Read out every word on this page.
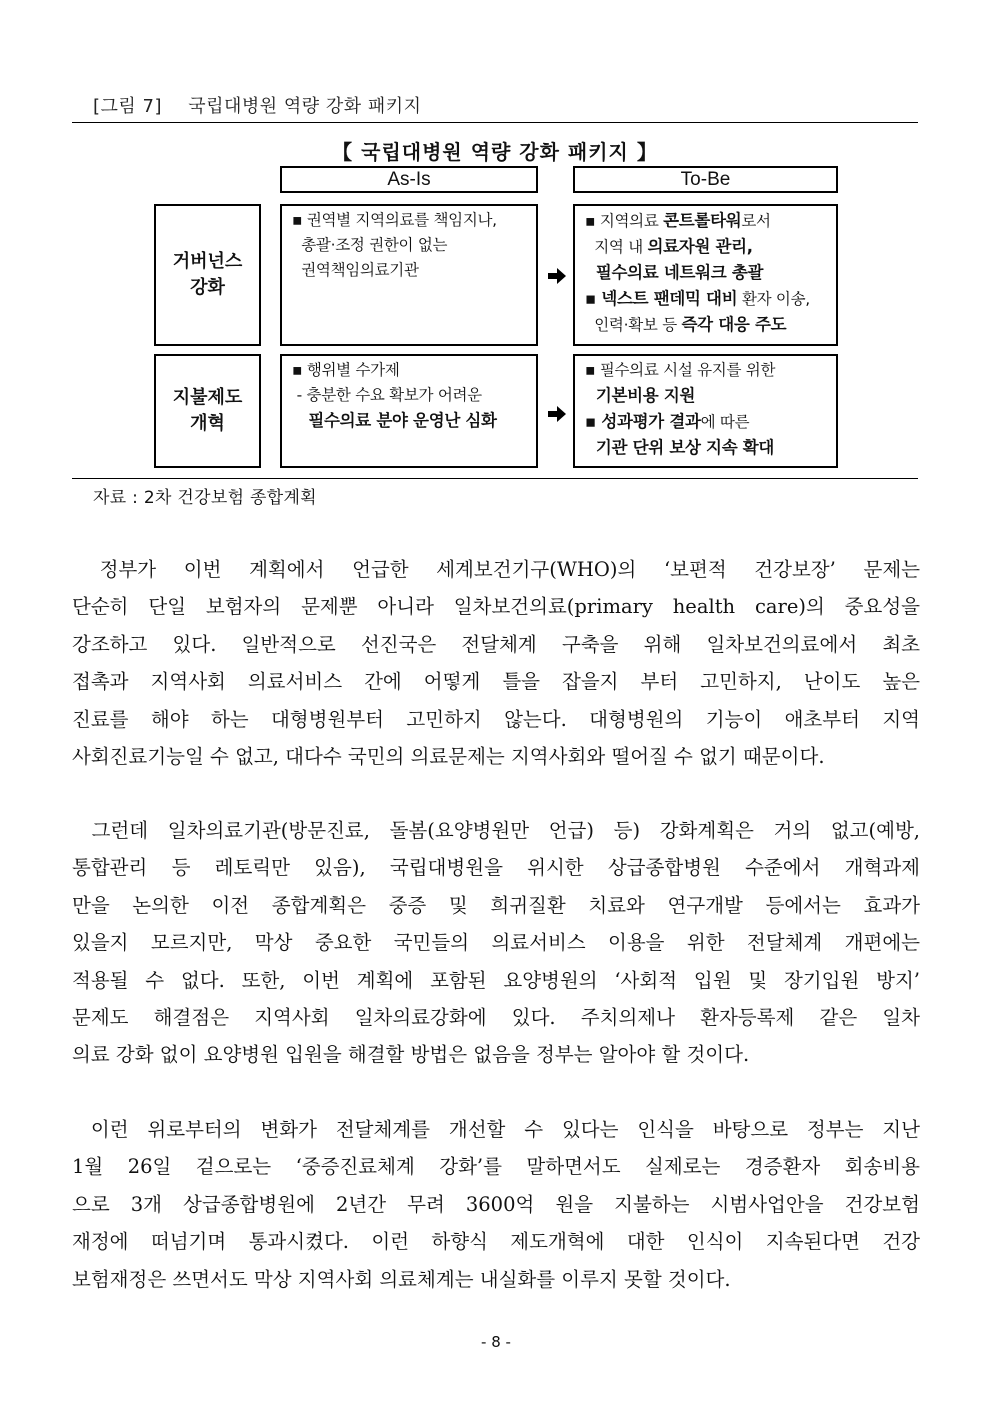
[그림 7] 국립대병원 역량 강화 패키지
【 국립대병원 역량 강화 패키지 】
As-Is	To-Be
거버넌스
강화
▪ 권역별 지역의료를 책임지나,
총괄·조정 권한이 없는
권역책임의료기관
▪ 지역의료 콘트롤타워로서
지역 내 의료자원 관리,
필수의료 네트워크 총괄
▪ 넥스트 팬데믹 대비 환자 이송,
인력·확보 등 즉각 대응 주도
지불제도
개혁
▪ 행위별 수가제
- 충분한 수요 확보가 어려운
필수의료 분야 운영난 심화
▪ 필수의료 시설 유지를 위한
기본비용 지원
▪ 성과평가 결과에 따른
기관 단위 보상 지속 확대
자료 : 2차 건강보험 종합계획
정부가 이번 계획에서 언급한 세계보건기구(WHO)의 ‘보편적 건강보장’ 문제는
단순히 단일 보험자의 문제뿐 아니라 일차보건의료(primary health care)의 중요성을
강조하고 있다. 일반적으로 선진국은 전달체계 구축을 위해 일차보건의료에서 최초
접촉과 지역사회 의료서비스 간에 어떻게 틀을 잡을지 부터 고민하지, 난이도 높은
진료를 해야 하는 대형병원부터 고민하지 않는다. 대형병원의 기능이 애초부터 지역
사회진료기능일 수 없고, 대다수 국민의 의료문제는 지역사회와 떨어질 수 없기 때문이다.
그런데 일차의료기관(방문진료, 돌봄(요양병원만 언급) 등) 강화계획은 거의 없고(예방,
통합관리 등 레토릭만 있음), 국립대병원을 위시한 상급종합병원 수준에서 개혁과제
만을 논의한 이전 종합계획은 중증 및 희귀질환 치료와 연구개발 등에서는 효과가
있을지 모르지만, 막상 중요한 국민들의 의료서비스 이용을 위한 전달체계 개편에는
적용될 수 없다. 또한, 이번 계획에 포함된 요양병원의 ‘사회적 입원 및 장기입원 방지’
문제도 해결점은 지역사회 일차의료강화에 있다. 주치의제나 환자등록제 같은 일차
의료 강화 없이 요양병원 입원을 해결할 방법은 없음을 정부는 알아야 할 것이다.
이런 위로부터의 변화가 전달체계를 개선할 수 있다는 인식을 바탕으로 정부는 지난
1월 26일 겉으로는 ‘중증진료체계 강화’를 말하면서도 실제로는 경증환자 회송비용
으로 3개 상급종합병원에 2년간 무려 3600억 원을 지불하는 시범사업안을 건강보험
재정에 떠넘기며 통과시켰다. 이런 하향식 제도개혁에 대한 인식이 지속된다면 건강
보험재정은 쓰면서도 막상 지역사회 의료체계는 내실화를 이루지 못할 것이다.
- 8 -
